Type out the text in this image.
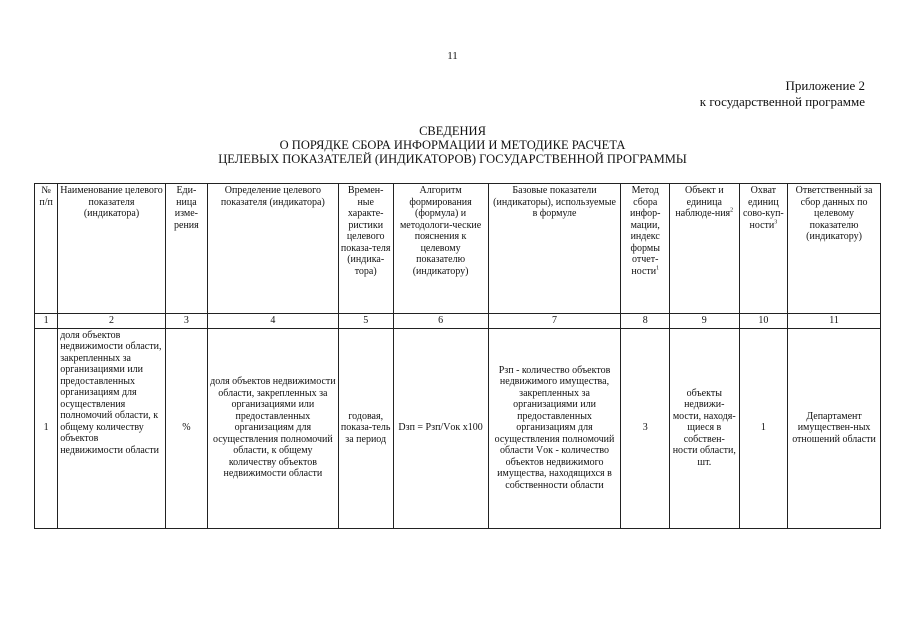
11
Приложение 2
к государственной программе
СВЕДЕНИЯ
О ПОРЯДКЕ СБОРА ИНФОРМАЦИИ И МЕТОДИКЕ РАСЧЕТА
ЦЕЛЕВЫХ ПОКАЗАТЕЛЕЙ (ИНДИКАТОРОВ) ГОСУДАРСТВЕННОЙ ПРОГРАММЫ
№ п/п	Наименование целевого показателя (индикатора)	Еди-ница изме-рения	Определение целевого показателя (индикатора)	Времен-ные характе-ристики целевого показа-теля (индика-тора)	Алгоритм формирования (формула) и методологи-ческие пояснения к целевому показателю (индикатору)	Базовые показатели (индикаторы), используемые в формуле	Метод сбора инфор-мации, индекс формы отчет-ности$^1$	Объект и единица наблюде-ния$^2$	Охват единиц сово-куп-ности$^3$	Ответственный за сбор данных по целевому показателю (индикатору)
1	2	3	4	5	6	7	8	9	10	11
1	доля объектов недвижимости области, закрепленных за организациями или предоставленных организациям для осуществления полномочий области, к общему количеству объектов недвижимости области	%	доля объектов недвижимости области, закрепленных за организациями или предоставленных организациям для осуществления полномочий области, к общему количеству объектов недвижимости области	годовая, показа-тель за период	Dзп = Рзп/Vок х100	Рзп - количество объектов недвижимого имущества, закрепленных за организациями или предоставленных организациям для осуществления полномочий области Vок - количество объектов недвижимого имущества, находящихся в собственности области	3	объекты недвижи-мости, находя-щиеся в собствен-ности области, шт.	1	Департамент имуществен-ных отношений области
